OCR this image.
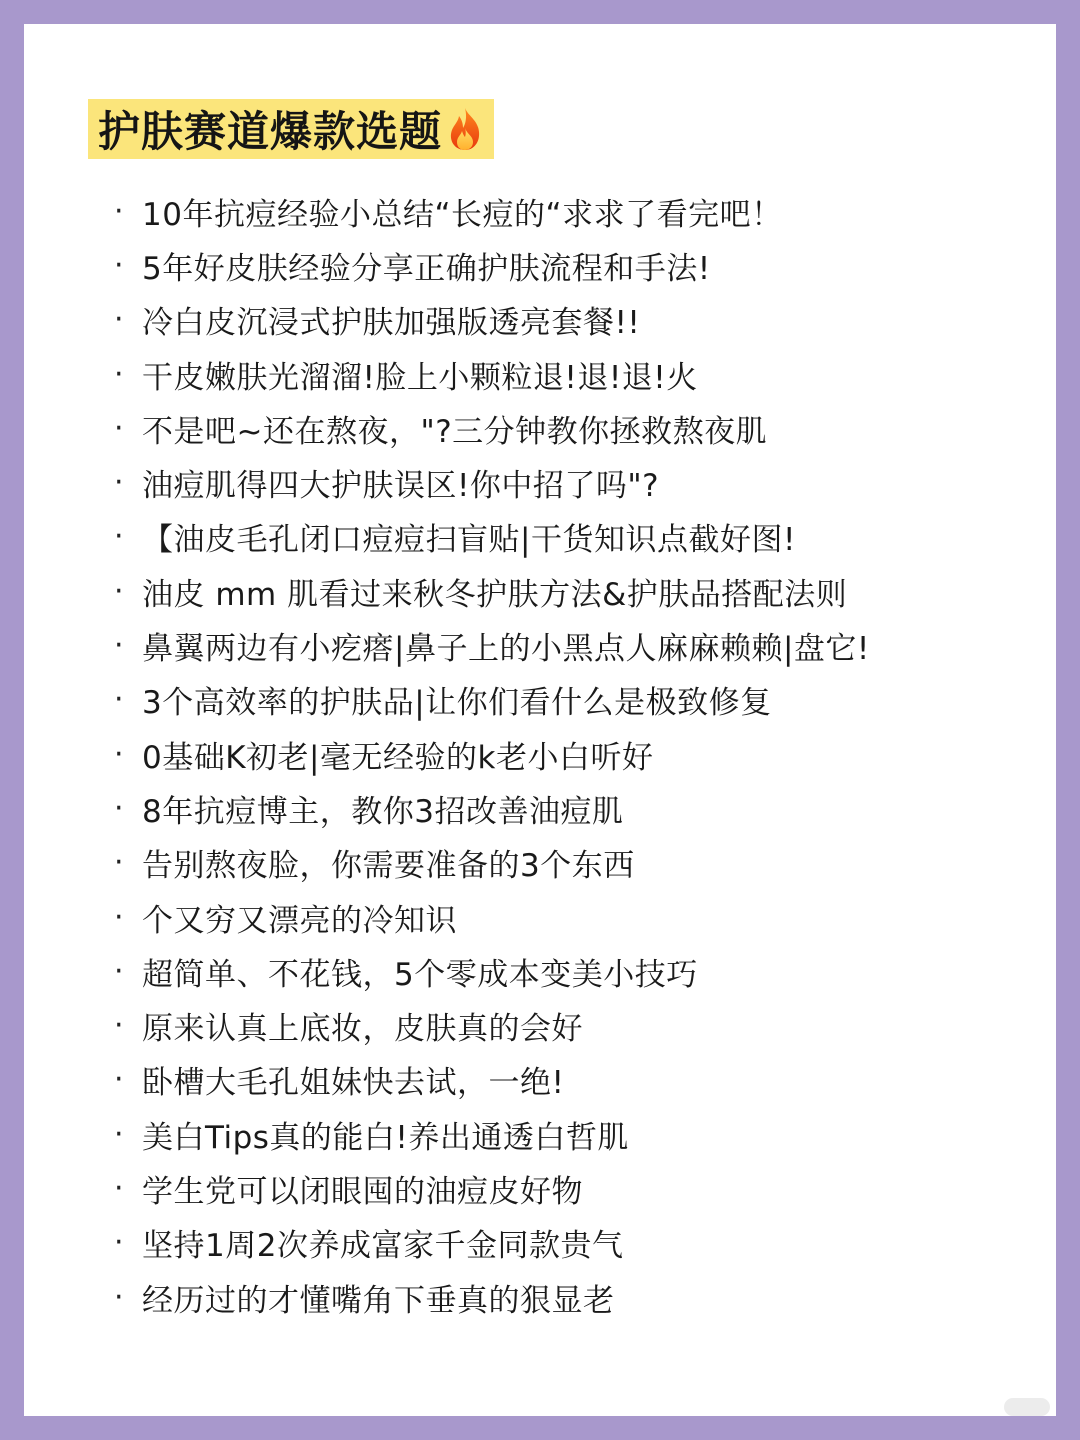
护肤赛道爆款选题
· 10年抗痘经验小总结“长痘的“求求了看完吧！
· 5年好皮肤经验分享正确护肤流程和手法!
· 冷白皮沉浸式护肤加强版透亮套餐!!
· 干皮嫩肤光溜溜!脸上小颗粒退!退!退!火
· 不是吧~还在熬夜，"?三分钟教你拯救熬夜肌
· 油痘肌得四大护肤误区!你中招了吗"?
· 【油皮毛孔闭口痘痘扫盲贴|干货知识点截好图!
· 油皮 mm 肌看过来秋冬护肤方法&护肤品搭配法则
· 鼻翼两边有小疙瘩|鼻子上的小黑点人麻麻赖赖|盘它!
· 3个高效率的护肤品|让你们看什么是极致修复
· 0基础K初老|毫无经验的k老小白听好
· 8年抗痘博主，教你3招改善油痘肌
· 告别熬夜脸，你需要准备的3个东西
· 个又穷又漂亮的冷知识
· 超简单、不花钱，5个零成本变美小技巧
· 原来认真上底妆，皮肤真的会好
· 卧槽大毛孔姐妹快去试，一绝!
· 美白Tips真的能白!养出通透白哲肌
· 学生党可以闭眼囤的油痘皮好物
· 坚持1周2次养成富家千金同款贵气
· 经历过的才懂嘴角下垂真的狠显老
